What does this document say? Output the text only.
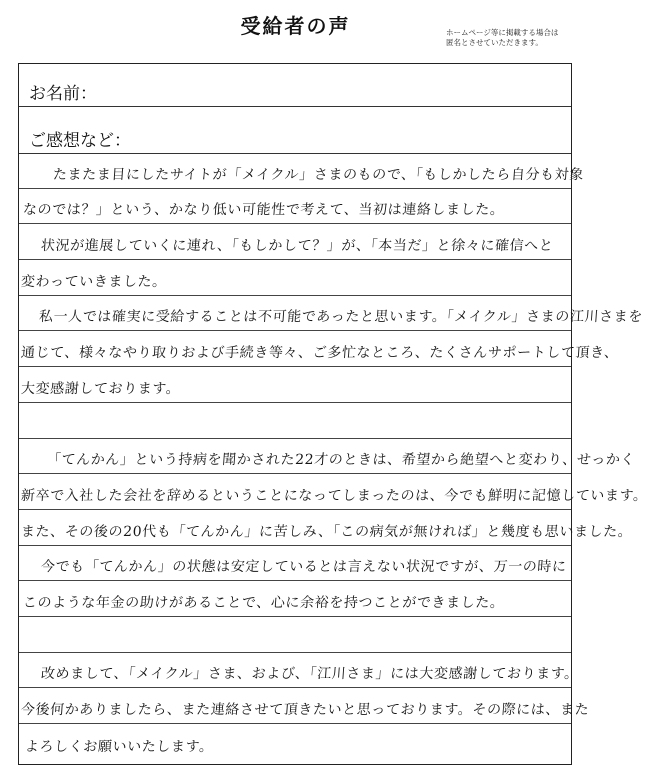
受給者の声	ホームページ等に掲載する場合は
匿名とさせていただきます。
お名前：
ご感想など：
たまたま目にしたサイトが「メイクル」さまのもので、「もしかしたら自分も対象
なのでは？」という、かなり低い可能性で考えて、当初は連絡しました。
状況が進展していくに連れ、「もしかして？」が、「本当だ」と徐々に確信へと
変わっていきました。
私一人では確実に受給することは不可能であったと思います。「メイクル」さまの江川さまを
通じて、様々なやり取りおよび手続き等々、ご多忙なところ、たくさんサポートして頂き、
大変感謝しております。
「てんかん」という持病を聞かされた22才のときは、希望から絶望へと変わり、せっかく
新卒で入社した会社を辞めるということになってしまったのは、今でも鮮明に記憶しています。
また、その後の20代も「てんかん」に苦しみ、「この病気が無ければ」と幾度も思いました。
今でも「てんかん」の状態は安定しているとは言えない状況ですが、万一の時に
このような年金の助けがあることで、心に余裕を持つことができました。
改めまして、「メイクル」さま、および、「江川さま」には大変感謝しております。
今後何かありましたら、また連絡させて頂きたいと思っております。その際には、また
よろしくお願いいたします。
